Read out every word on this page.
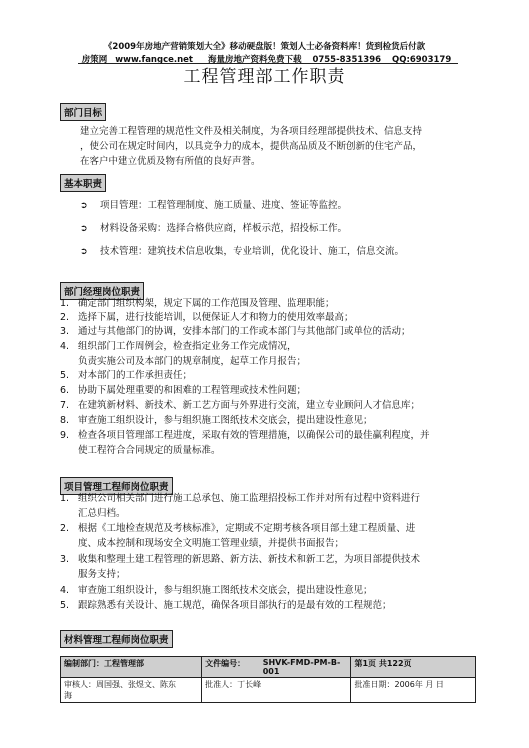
《2009年房地产营销策划大全》移动硬盘版！策划人士必备资料库！货到检货后付款
房策网 www.fangce.net 海量房地产资料免费下载 0755-8351396 QQ:6903179
工程管理部工作职责
部门目标
建立完善工程管理的规范性文件及相关制度，为各项目经理部提供技术、信息支持
，使公司在规定时间内，以具竞争力的成本，提供高品质及不断创新的住宅产品，
在客户中建立优质及物有所值的良好声誉。
基本职责
➲ 项目管理：工程管理制度、施工质量、进度、签证等监控。
➲ 材料设备采购：选择合格供应商，样板示范，招投标工作。
➲ 技术管理：建筑技术信息收集，专业培训，优化设计、施工，信息交流。
部门经理岗位职责
1. 确定部门组织构架，规定下属的工作范围及管理、监理职能；
2. 选择下属，进行技能培训，以便保证人才和物力的使用效率最高；
3. 通过与其他部门的协调，安排本部门的工作或本部门与其他部门或单位的活动；
4. 组织部门工作周例会，检查指定业务工作完成情况，
负责实施公司及本部门的规章制度，起草工作月报告；
5. 对本部门的工作承担责任；
6. 协助下属处理重要的和困难的工程管理或技术性问题；
7. 在建筑新材料、新技术、新工艺方面与外界进行交流，建立专业顾问人才信息库；
8. 审查施工组织设计，参与组织施工图纸技术交底会，提出建设性意见；
9. 检查各项目管理部工程进度，采取有效的管理措施，以确保公司的最佳赢利程度，并
使工程符合合同规定的质量标准。
项目管理工程师岗位职责
1. 组织公司相关部门进行施工总承包、施工监理招投标工作并对所有过程中资料进行
汇总归档。
2. 根据《工地检查规范及考核标准》，定期或不定期考核各项目部土建工程质量、进
度、成本控制和现场安全文明施工管理业绩，并提供书面报告；
3. 收集和整理土建工程管理的新思路、新方法、新技术和新工艺，为项目部提供技术
服务支持；
4. 审查施工组织设计，参与组织施工图纸技术交底会，提出建设性意见；
5. 跟踪熟悉有关设计、施工规范，确保各项目部执行的是最有效的工程规范；
材料管理工程师岗位职责
编制部门：工程管理部	文件编号：	SHVK-FMD-PM-B-001	第1页 共122页

审核人：周国强、张煜文、陈东
海	批准人：丁长峰		批准日期：2006年 月 日
